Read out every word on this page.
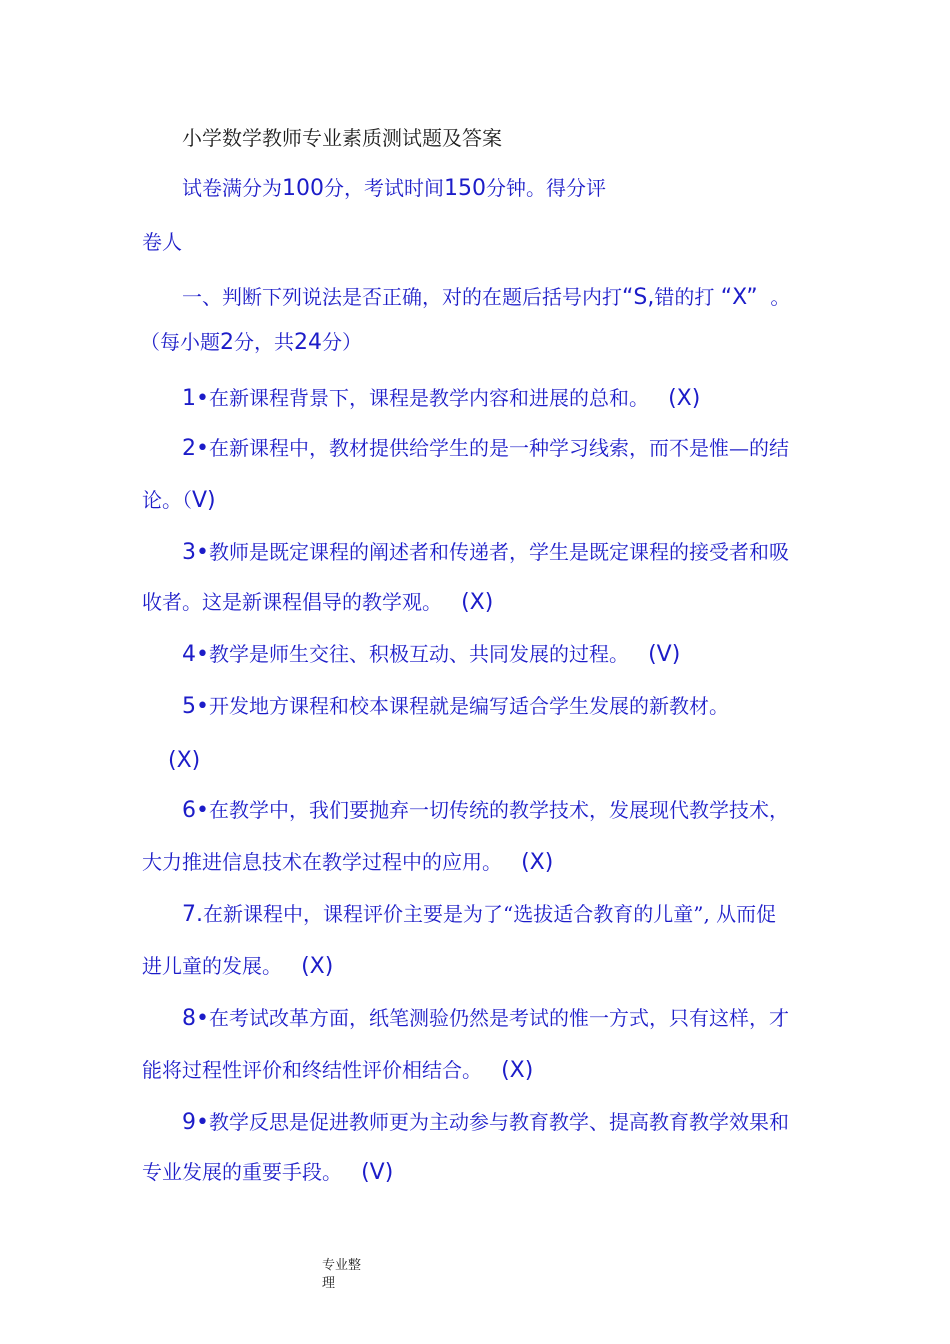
小学数学教师专业素质测试题及答案
试卷满分为100分，考试时间150分钟。得分评
卷人
一、判断下列说法是否正确，对的在题后括号内打“S,错的打 “X” 。
（每小题2分，共24分）
1•在新课程背景下，课程是教学内容和进展的总和。 (X)
2•在新课程中，教材提供给学生的是一种学习线索，而不是惟—的结
论。（V)
3•教师是既定课程的阐述者和传递者，学生是既定课程的接受者和吸
收者。这是新课程倡导的教学观。 (X)
4•教学是师生交往、积极互动、共同发展的过程。 (V)
5•开发地方课程和校本课程就是编写适合学生发展的新教材。
(X)
6•在教学中，我们要抛弃一切传统的教学技术，发展现代教学技术，
大力推进信息技术在教学过程中的应用。 (X)
7.在新课程中，课程评价主要是为了“选拔适合教育的儿童”, 从而促
进儿童的发展。 (X)
8•在考试改革方面，纸笔测验仍然是考试的惟一方式，只有这样，才
能将过程性评价和终结性评价相结合。 (X)
9•教学反思是促进教师更为主动参与教育教学、提高教育教学效果和
专业发展的重要手段。 (V)
专业整
理
